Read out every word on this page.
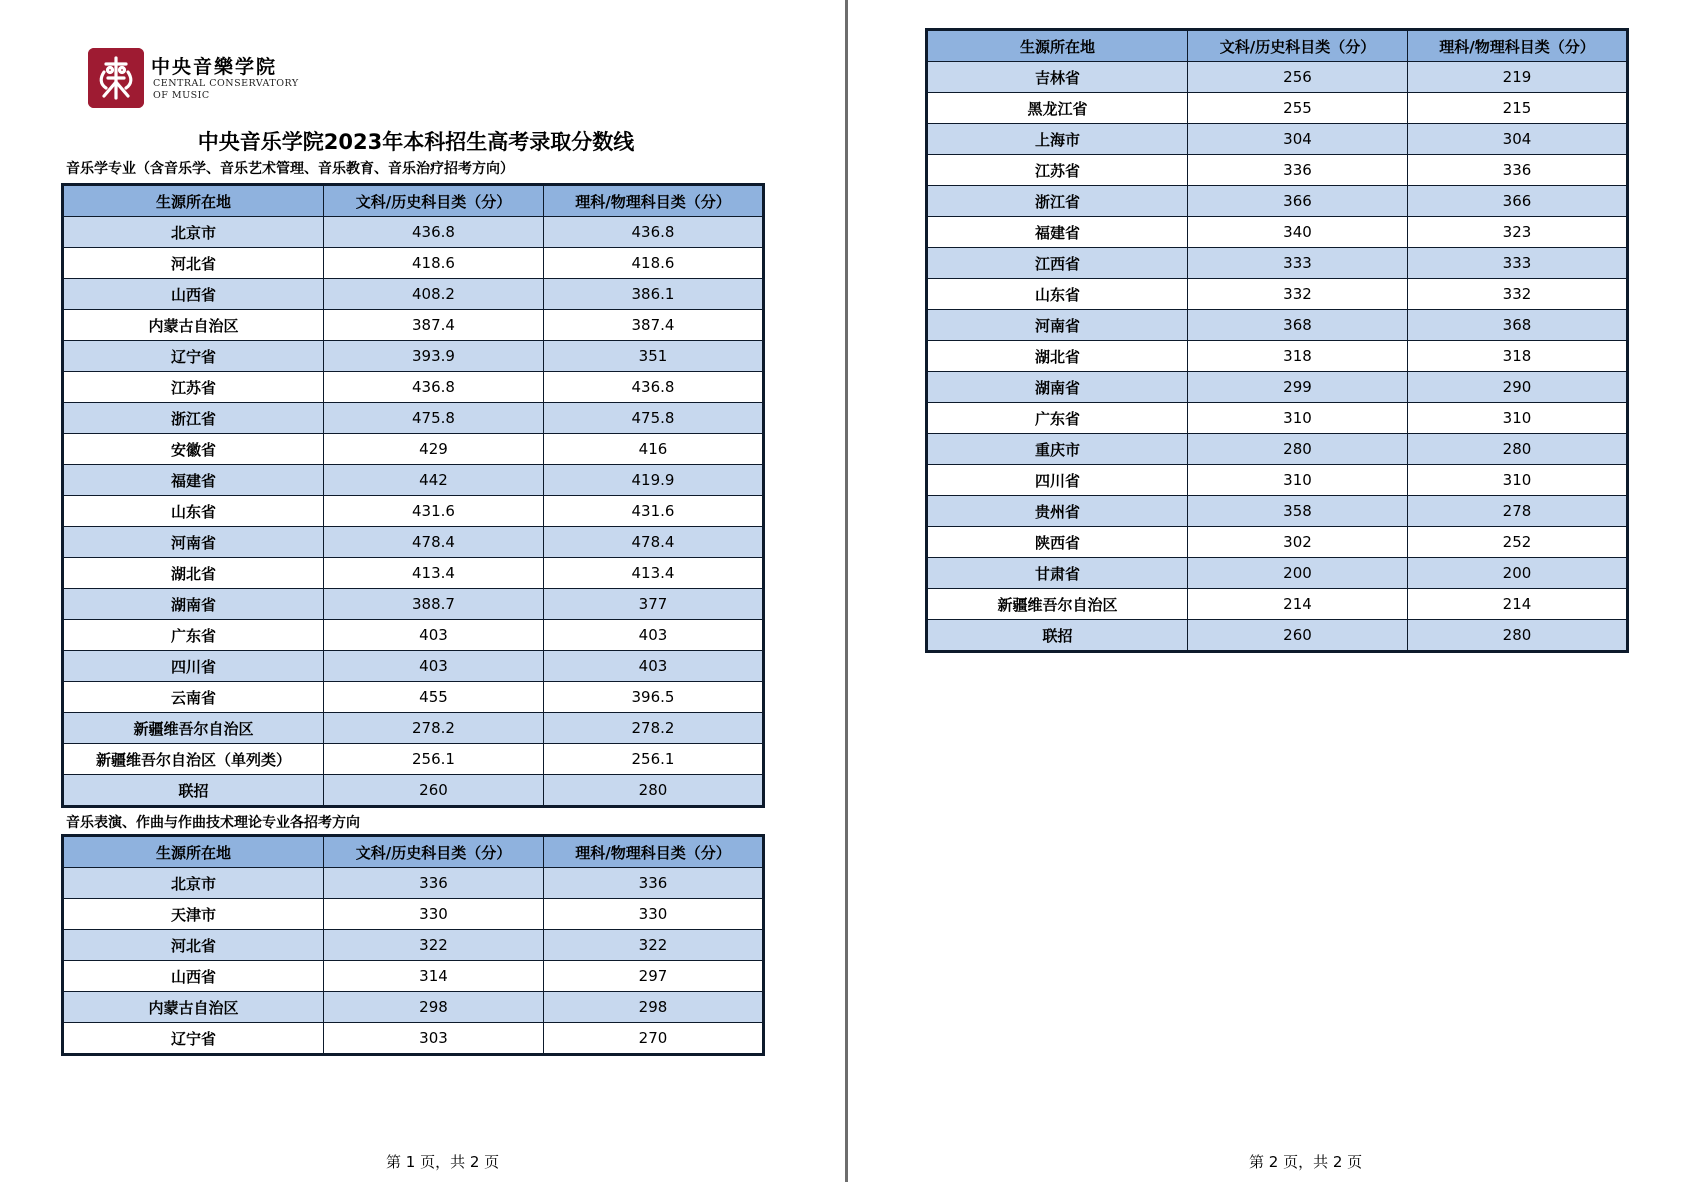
中央音樂学院
CENTRAL CONSERVATORY
OF MUSIC
中央音乐学院2023年本科招生高考录取分数线
音乐学专业（含音乐学、音乐艺术管理、音乐教育、音乐治疗招考方向）
生源所在地	文科/历史科目类（分）	理科/物理科目类（分）
北京市	436.8	436.8
河北省	418.6	418.6
山西省	408.2	386.1
内蒙古自治区	387.4	387.4
辽宁省	393.9	351
江苏省	436.8	436.8
浙江省	475.8	475.8
安徽省	429	416
福建省	442	419.9
山东省	431.6	431.6
河南省	478.4	478.4
湖北省	413.4	413.4
湖南省	388.7	377
广东省	403	403
四川省	403	403
云南省	455	396.5
新疆维吾尔自治区	278.2	278.2
新疆维吾尔自治区（单列类）	256.1	256.1
联招	260	280
音乐表演、作曲与作曲技术理论专业各招考方向
生源所在地	文科/历史科目类（分）	理科/物理科目类（分）
北京市	336	336
天津市	330	330
河北省	322	322
山西省	314	297
内蒙古自治区	298	298
辽宁省	303	270
第 1 页，共 2 页
生源所在地	文科/历史科目类（分）	理科/物理科目类（分）
吉林省	256	219
黑龙江省	255	215
上海市	304	304
江苏省	336	336
浙江省	366	366
福建省	340	323
江西省	333	333
山东省	332	332
河南省	368	368
湖北省	318	318
湖南省	299	290
广东省	310	310
重庆市	280	280
四川省	310	310
贵州省	358	278
陕西省	302	252
甘肃省	200	200
新疆维吾尔自治区	214	214
联招	260	280
第 2 页，共 2 页
